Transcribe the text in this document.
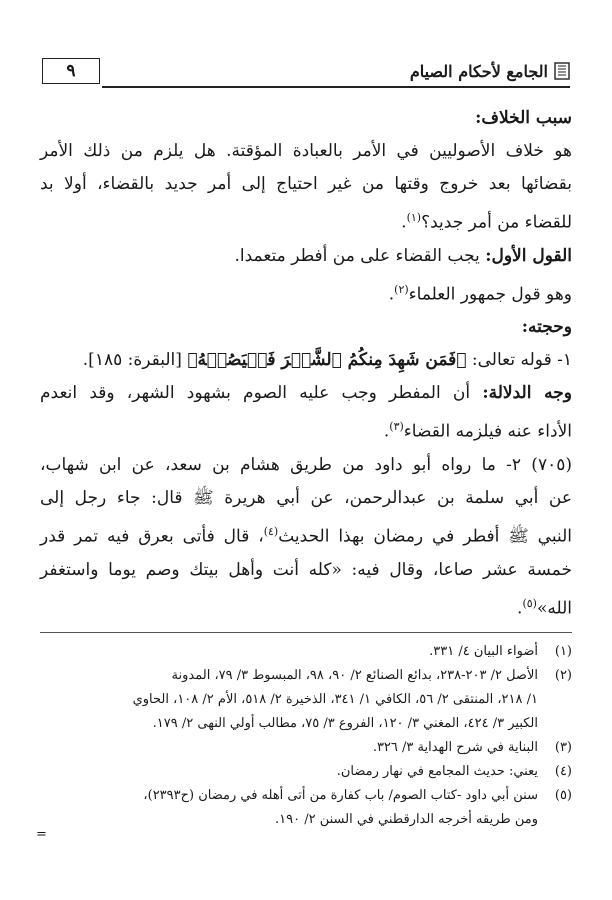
٩	الجامع لأحكام الصيام
سبب الخلاف:
هو خلاف الأصوليين في الأمر بالعبادة المؤقتة. هل يلزم من ذلك الأمر
بقضائها بعد خروج وقتها من غير احتياج إلى أمر جديد بالقضاء، أولا بد
للقضاء من أمر جديد؟$^{(١)}$.
القول الأول: يجب القضاء على من أفطر متعمدا.
وهو قول جمهور العلماء$^{(٢)}$.
وحجته:
١- قوله تعالى: ﴿فَمَن شَهِدَ مِنكُمُ ٱلشَّهۡرَ فَلۡيَصُمۡهُ﴾ [البقرة: ١٨٥].
وجه الدلالة: أن المفطر وجب عليه الصوم بشهود الشهر، وقد انعدم
الأداء عنه فيلزمه القضاء$^{(٣)}$.
(٧٠٥) ٢- ما رواه أبو داود من طريق هشام بن سعد، عن ابن شهاب،
عن أبي سلمة بن عبدالرحمن، عن أبي هريرة ﷺ قال: جاء رجل إلى
النبي ﷺ أفطر في رمضان بهذا الحديث$^{(٤)}$، قال فأتى بعرق فيه تمر قدر
خمسة عشر صاعا، وقال فيه: «كله أنت وأهل بيتك وصم يوما واستغفر
الله»$^{(٥)}$.
(١)
أضواء البيان ٤/ ٣٣١.
(٢)
الأصل ٢/ ٢٠٣-٢٣٨، بدائع الصنائع ٢/ ٩٠، ٩٨، المبسوط ٣/ ٧٩، المدونة
١/ ٢١٨، المنتقى ٢/ ٥٦، الكافي ١/ ٣٤١، الذخيرة ٢/ ٥١٨، الأم ٢/ ١٠٨، الحاوي
الكبير ٣/ ٤٢٤، المغني ٣/ ١٢٠، الفروع ٣/ ٧٥، مطالب أولي النهى ٢/ ١٧٩.
(٣)
البناية في شرح الهداية ٣/ ٣٢٦.
(٤)
يعني: حديث المجامع في نهار رمضان.
(٥)
سنن أبي داود -كتاب الصوم/ باب كفارة من أتى أهله في رمضان (ح٢٣٩٣)،
ومن طريقه أخرجه الدارقطني في السنن ٢/ ١٩٠.
=
